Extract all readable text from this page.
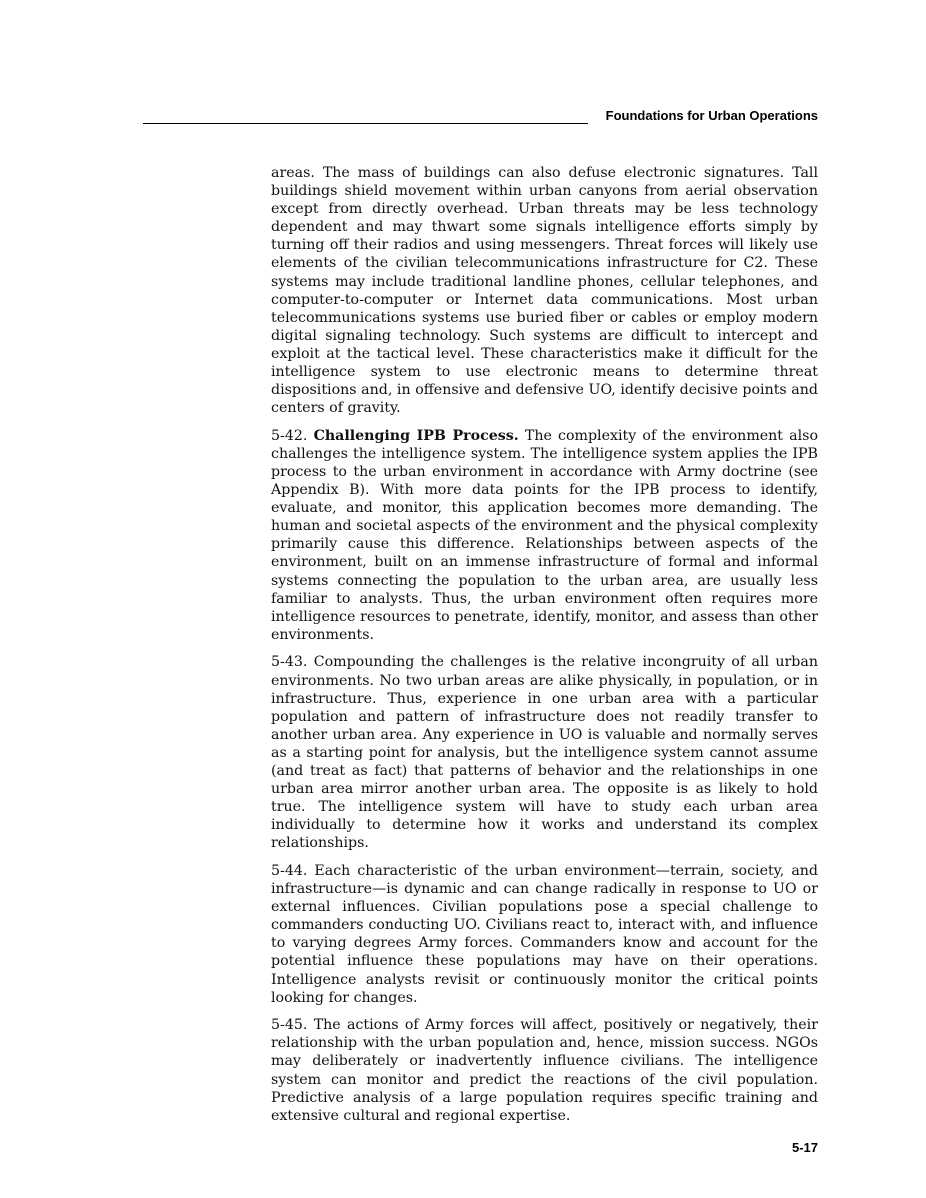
Foundations for Urban Operations

areas. The mass of buildings can also defuse electronic signatures. Tall buildings shield movement within urban canyons from aerial observation except from directly overhead. Urban threats may be less technology dependent and may thwart some signals intelligence efforts simply by turning off their radios and using messengers. Threat forces will likely use elements of the civilian telecommunications infrastructure for C2. These systems may include traditional landline phones, cellular telephones, and computer-to-computer or Internet data communications. Most urban telecommunications systems use buried fiber or cables or employ modern digital signaling technology. Such systems are difficult to intercept and exploit at the tactical level. These characteristics make it difficult for the intelligence system to use electronic means to determine threat dispositions and, in offensive and defensive UO, identify decisive points and centers of gravity.

5-42. Challenging IPB Process. The complexity of the environment also challenges the intelligence system. The intelligence system applies the IPB process to the urban environment in accordance with Army doctrine (see Appendix B). With more data points for the IPB process to identify, evaluate, and monitor, this application becomes more demanding. The human and societal aspects of the environment and the physical complexity primarily cause this difference. Relationships between aspects of the environment, built on an immense infrastructure of formal and informal systems connecting the population to the urban area, are usually less familiar to analysts. Thus, the urban environment often requires more intelligence resources to penetrate, identify, monitor, and assess than other environments.

5-43. Compounding the challenges is the relative incongruity of all urban environments. No two urban areas are alike physically, in population, or in infrastructure. Thus, experience in one urban area with a particular population and pattern of infrastructure does not readily transfer to another urban area. Any experience in UO is valuable and normally serves as a starting point for analysis, but the intelligence system cannot assume (and treat as fact) that patterns of behavior and the relationships in one urban area mirror another urban area. The opposite is as likely to hold true. The intelligence system will have to study each urban area individually to determine how it works and understand its complex relationships.

5-44. Each characteristic of the urban environment—terrain, society, and infrastructure—is dynamic and can change radically in response to UO or external influences. Civilian populations pose a special challenge to commanders conducting UO. Civilians react to, interact with, and influence to varying degrees Army forces. Commanders know and account for the potential influence these populations may have on their operations. Intelligence analysts revisit or continuously monitor the critical points looking for changes.

5-45. The actions of Army forces will affect, positively or negatively, their relationship with the urban population and, hence, mission success. NGOs may deliberately or inadvertently influence civilians. The intelligence system can monitor and predict the reactions of the civil population. Predictive analysis of a large population requires specific training and extensive cultural and regional expertise.

5-17
